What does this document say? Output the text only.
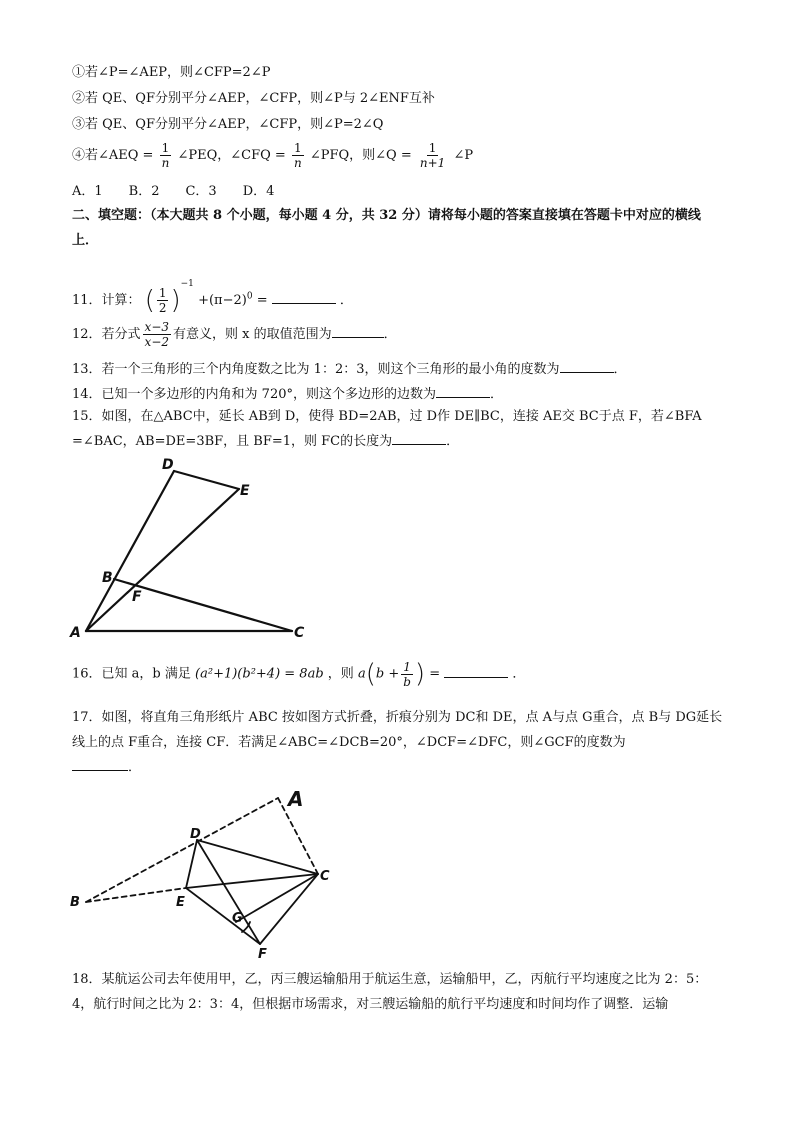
①若∠P=∠AEP，则∠CFP=2∠P
②若 QE、QF分别平分∠AEP，∠CFP，则∠P与 2∠ENF互补
③若 QE、QF分别平分∠AEP，∠CFP，则∠P=2∠Q
④若∠AEQ = $\frac{1}{n}$ ∠PEQ，∠CFQ = $\frac{1}{n}$ ∠PFQ，则∠Q = $\frac{1}{n+1}$ ∠P
A．1　　B．2　　C．3　　D．4
二、填空题：（本大题共 8 个小题，每小题 4 分，共 32 分）请将每小题的答案直接填在答题卡中对应的横线上．
11．计算： ( $\frac{1}{2} )^{-1} +(\pi-2)^0$ =	．
12．若分式 $\frac{x-3}{x-2}$ 有意义，则 x 的取值范围为	．
13．若一个三角形的三个内角度数之比为 1：2：3，则这个三角形的最小角的度数为	．
14．已知一个多边形的内角和为 720°，则这个多边形的边数为	．
15．如图，在△ABC中，延长 AB到 D，使得 BD=2AB，过 D作 DE∥BC，连接 AE交 BC于点 F，若∠BFA =∠BAC，AB=DE=3BF，且 BF=1，则 FC的长度为	．
D
E
B
F
A	C
16．已知 a，b 满足 (a²+1)(b²+4) = 8ab ，则 $a(b + \frac{1}{b}$ ) =	．
17．如图，将直角三角形纸片 ABC 按如图方式折叠，折痕分别为 DC和 DE，点 A与点 G重合，点 B与 DG延长线上的点 F重合，连接 CF．若满足∠ABC=∠DCB=20°，∠DCF=∠DFC，则∠GCF的度数为
．
A
D
C
B	E
G
F
18．某航运公司去年使用甲，乙，丙三艘运输船用于航运生意，运输船甲，乙，丙航行平均速度之比为 2：5：4，航行时间之比为 2：3：4，但根据市场需求，对三艘运输船的航行平均速度和时间均作了调整．运输
